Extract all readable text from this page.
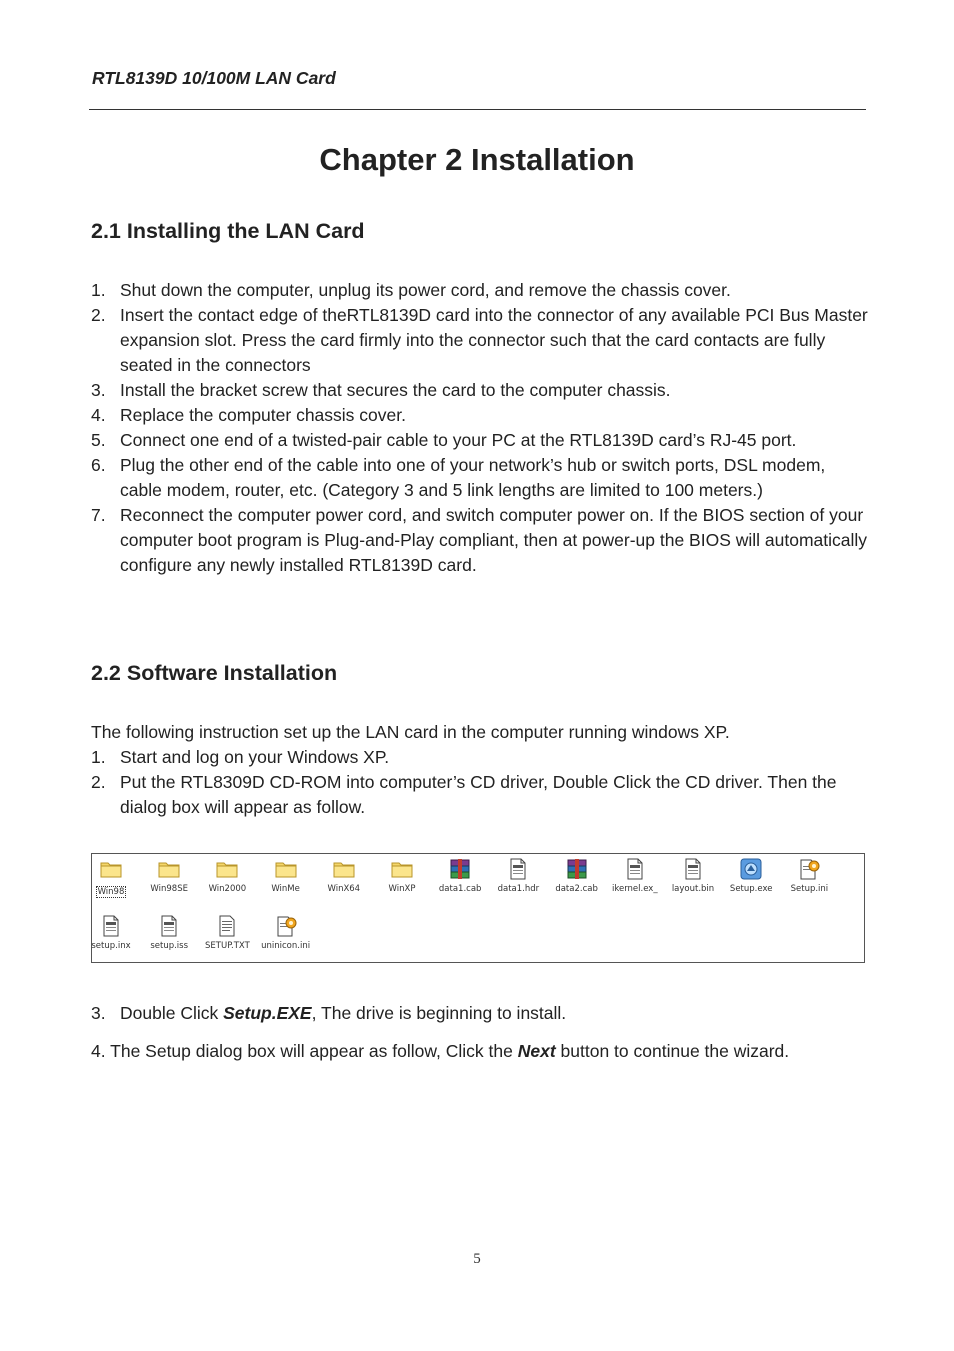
RTL8139D 10/100M LAN Card
Chapter 2 Installation
2.1 Installing the LAN Card
1. Shut down the computer, unplug its power cord, and remove the chassis cover.
2. Insert the contact edge of theRTL8139D card into the connector of any available PCI Bus Master expansion slot. Press the card firmly into the connector such that the card contacts are fully seated in the connectors
3. Install the bracket screw that secures the card to the computer chassis.
4. Replace the computer chassis cover.
5. Connect one end of a twisted-pair cable to your PC at the RTL8139D card’s RJ-45 port.
6. Plug the other end of the cable into one of your network’s hub or switch ports, DSL modem, cable modem, router, etc. (Category 3 and 5 link lengths are limited to 100 meters.)
7. Reconnect the computer power cord, and switch computer power on. If the BIOS section of your computer boot program is Plug-and-Play compliant, then at power-up the BIOS will automatically configure any newly installed RTL8139D card.
2.2 Software Installation
The following instruction set up the LAN card in the computer running windows XP.
1. Start and log on your Windows XP.
2. Put the RTL8309D CD-ROM into computer’s CD driver, Double Click the CD driver. Then the dialog box will appear as follow.
Win98	Win98SE	Win2000	WinMe	WinX64	WinXP	data1.cab	data1.hdr	data2.cab	ikernel.ex_	layout.bin	Setup.exe	Setup.ini
setup.inx	setup.iss	SETUP.TXT	uninicon.ini
3. Double Click Setup.EXE, The drive is beginning to install.
4. The Setup dialog box will appear as follow, Click the Next button to continue the wizard.
5
